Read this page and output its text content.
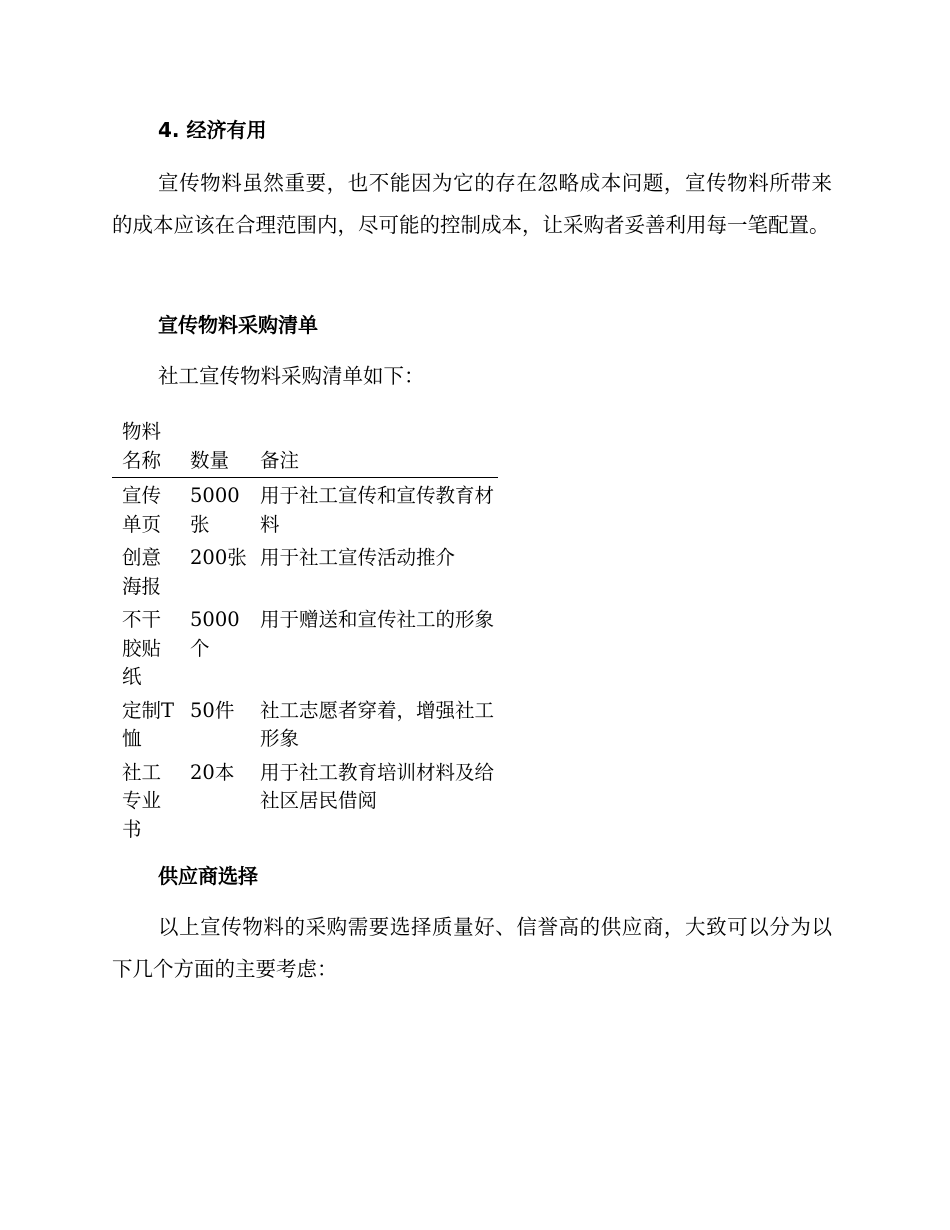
4. 经济有用
宣传物料虽然重要，也不能因为它的存在忽略成本问题，宣传物料所带来的成本应该在合理范围内，尽可能的控制成本，让采购者妥善利用每一笔配置。
宣传物料采购清单
社工宣传物料采购清单如下：
物料名称	数量	备注
宣传单页	5000张	用于社工宣传和宣传教育材料
创意海报	200张	用于社工宣传活动推介
不干胶贴纸	5000个	用于赠送和宣传社工的形象
定制T恤	50件	社工志愿者穿着，增强社工形象
社工专业书	20本	用于社工教育培训材料及给社区居民借阅
供应商选择
以上宣传物料的采购需要选择质量好、信誉高的供应商，大致可以分为以下几个方面的主要考虑：
